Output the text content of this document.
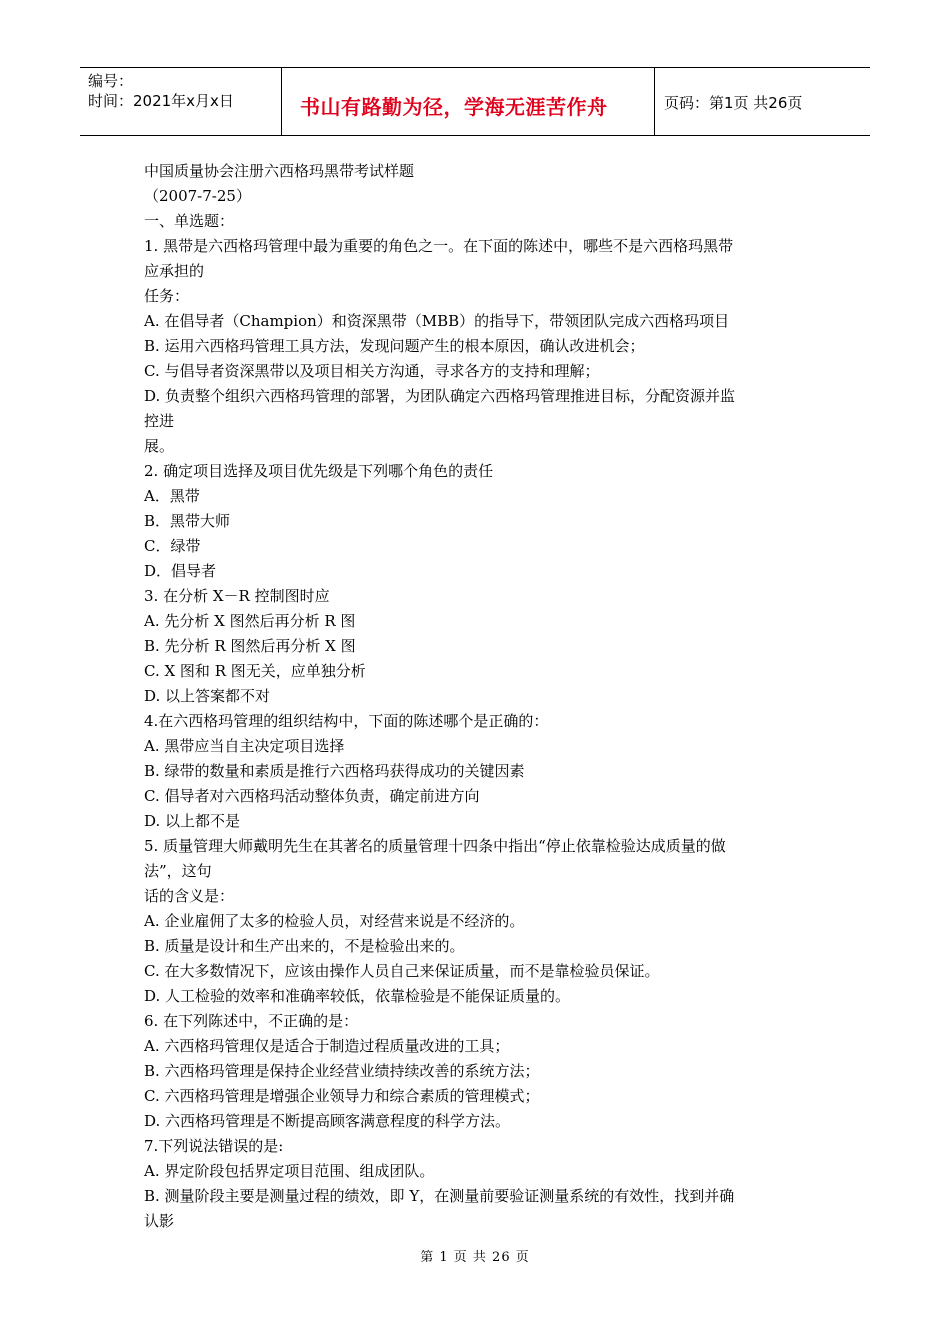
编号：
时间：2021年x月x日	书山有路勤为径，学海无涯苦作舟	页码：第1页 共26页
中国质量协会注册六西格玛黑带考试样题
（2007-7-25）
一、单选题：
1. 黑带是六西格玛管理中最为重要的角色之一。在下面的陈述中，哪些不是六西格玛黑带
应承担的
任务：
A. 在倡导者（Champion）和资深黑带（MBB）的指导下，带领团队完成六西格玛项目
B. 运用六西格玛管理工具方法，发现问题产生的根本原因，确认改进机会；
C. 与倡导者资深黑带以及项目相关方沟通，寻求各方的支持和理解；
D. 负责整个组织六西格玛管理的部署，为团队确定六西格玛管理推进目标，分配资源并监
控进
展。
2. 确定项目选择及项目优先级是下列哪个角色的责任
A．黑带
B．黑带大师
C．绿带
D．倡导者
3. 在分析 X－R 控制图时应
A. 先分析 X 图然后再分析 R 图
B. 先分析 R 图然后再分析 X 图
C. X 图和 R 图无关，应单独分析
D. 以上答案都不对
4.在六西格玛管理的组织结构中，下面的陈述哪个是正确的：
A. 黑带应当自主决定项目选择
B. 绿带的数量和素质是推行六西格玛获得成功的关键因素
C. 倡导者对六西格玛活动整体负责，确定前进方向
D. 以上都不是
5. 质量管理大师戴明先生在其著名的质量管理十四条中指出“停止依靠检验达成质量的做
法”，这句
话的含义是：
A. 企业雇佣了太多的检验人员，对经营来说是不经济的。
B. 质量是设计和生产出来的，不是检验出来的。
C. 在大多数情况下，应该由操作人员自己来保证质量，而不是靠检验员保证。
D. 人工检验的效率和准确率较低，依靠检验是不能保证质量的。
6. 在下列陈述中，不正确的是：
A. 六西格玛管理仅是适合于制造过程质量改进的工具；
B. 六西格玛管理是保持企业经营业绩持续改善的系统方法；
C. 六西格玛管理是增强企业领导力和综合素质的管理模式；
D. 六西格玛管理是不断提高顾客满意程度的科学方法。
7.下列说法错误的是:
A. 界定阶段包括界定项目范围、组成团队。
B. 测量阶段主要是测量过程的绩效，即 Y，在测量前要验证测量系统的有效性，找到并确
认影
第 1 页 共 26 页
